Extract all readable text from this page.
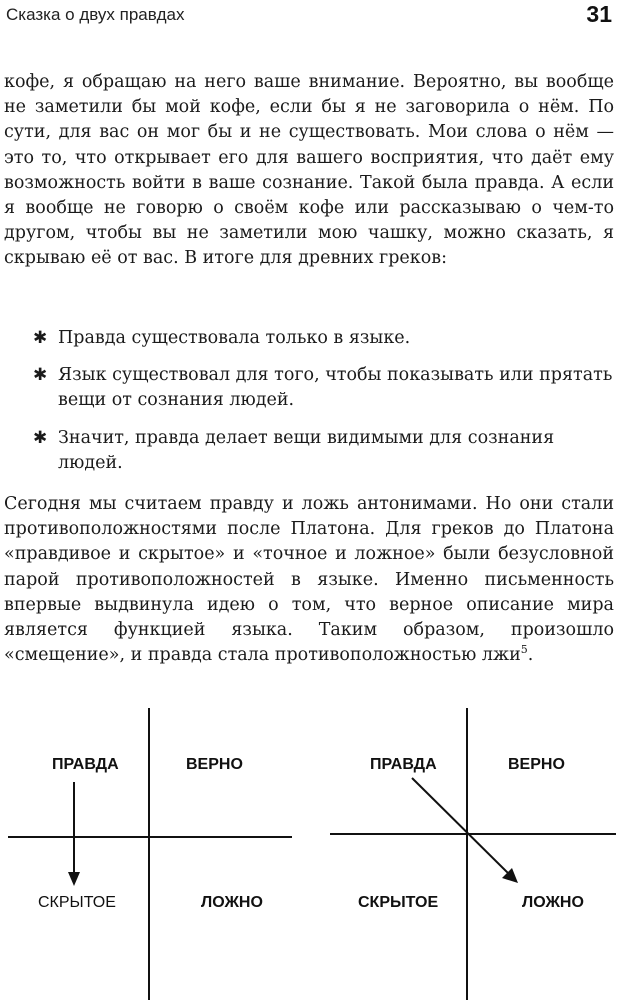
Сказка о двух правдах	31

кофе, я обращаю на него ваше внимание. Вероятно, вы вообще не заметили бы мой кофе, если бы я не заговорила о нём. По сути, для вас он мог бы и не существовать. Мои слова о нём — это то, что открывает его для вашего восприятия, что даёт ему возможность войти в ваше сознание. Такой была правда. А если я вообще не говорю о своём кофе или рассказываю о чем-то другом, чтобы вы не заметили мою чашку, можно сказать, я скрываю её от вас. В итоге для древних греков:

✱ Правда существовала только в языке.
✱ Язык существовал для того, чтобы показывать или прятать вещи от сознания людей.
✱ Значит, правда делает вещи видимыми для сознания людей.

Сегодня мы считаем правду и ложь антонимами. Но они стали противоположностями после Платона. Для греков до Платона «правдивое и скрытое» и «точное и ложное» были безусловной парой противоположностей в языке. Именно письменность впервые выдвинула идею о том, что верное описание мира является функцией языка. Таким образом, произошло «смещение», и правда стала противоположностью лжи$^5$.

ПРАВДА	ВЕРНО
СКРЫТОЕ	ЛОЖНО
ПРАВДА	ВЕРНО
СКРЫТОЕ	ЛОЖНО
